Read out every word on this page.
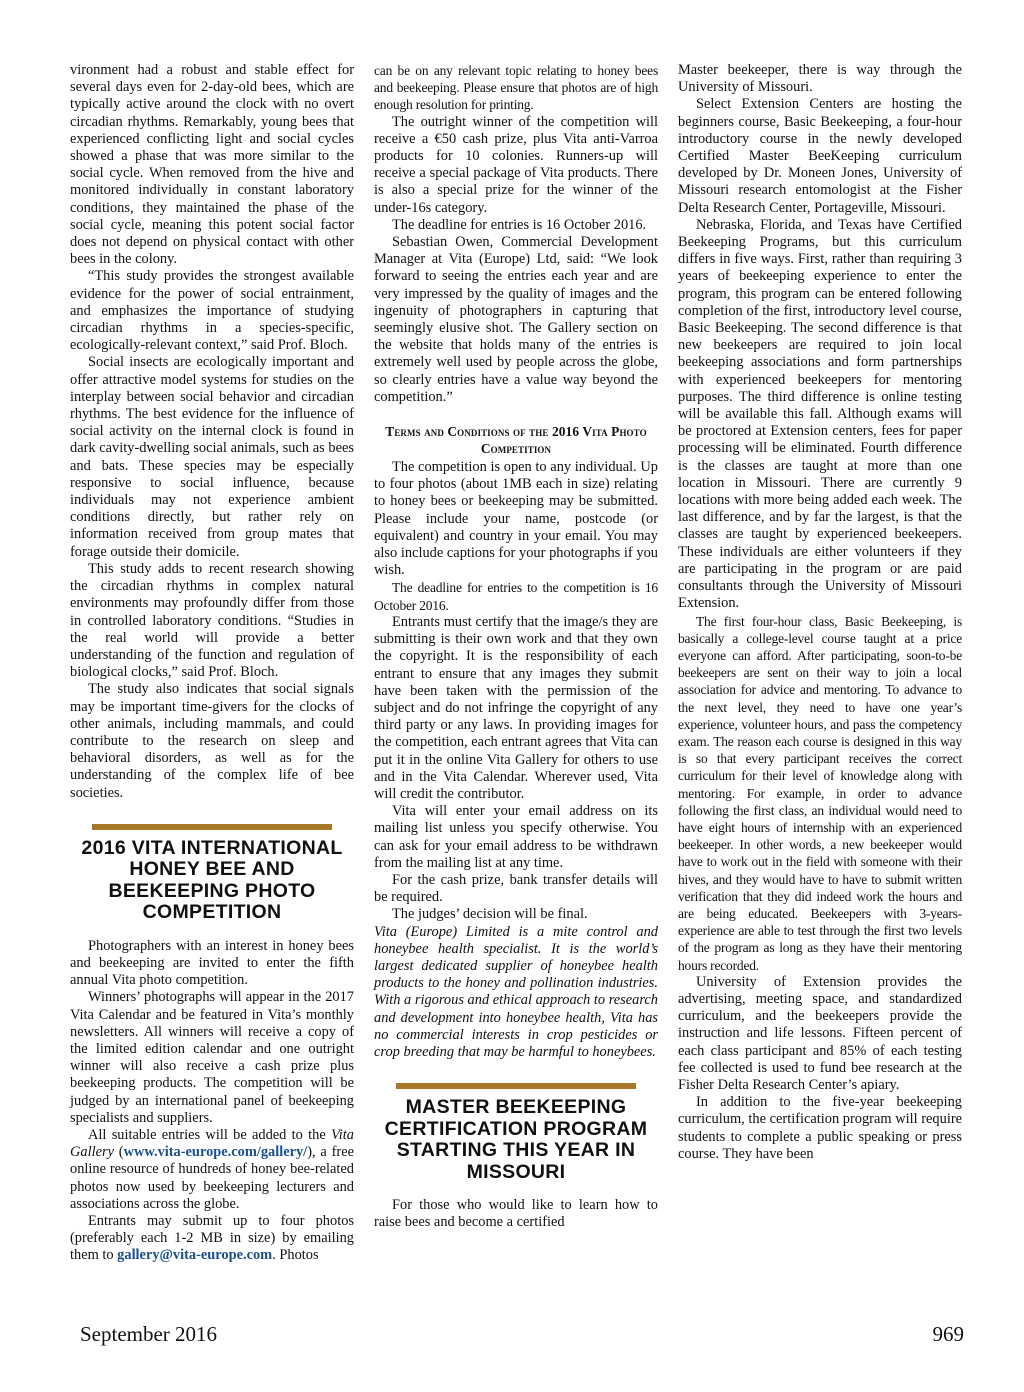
vironment had a robust and stable effect for several days even for 2-day-old bees, which are typically active around the clock with no overt circadian rhythms. Remarkably, young bees that experienced conflicting light and social cycles showed a phase that was more similar to the social cycle. When removed from the hive and monitored individually in constant laboratory conditions, they maintained the phase of the social cycle, meaning this potent social factor does not depend on physical contact with other bees in the colony.

“This study provides the strongest available evidence for the power of social entrainment, and emphasizes the importance of studying circadian rhythms in a species-specific, ecologically-relevant context,” said Prof. Bloch.

Social insects are ecologically important and offer attractive model systems for studies on the interplay between social behavior and circadian rhythms. The best evidence for the influence of social activity on the internal clock is found in dark cavity-dwelling social animals, such as bees and bats. These species may be especially responsive to social influence, because individuals may not experience ambient conditions directly, but rather rely on information received from group mates that forage outside their domicile.

This study adds to recent research showing the circadian rhythms in complex natural environments may profoundly differ from those in controlled laboratory conditions. “Studies in the real world will provide a better understanding of the function and regulation of biological clocks,” said Prof. Bloch.

The study also indicates that social signals may be important time-givers for the clocks of other animals, including mammals, and could contribute to the research on sleep and behavioral disorders, as well as for the understanding of the complex life of bee societies.

2016 VITA INTERNATIONAL HONEY BEE AND BEEKEEPING PHOTO COMPETITION

Photographers with an interest in honey bees and beekeeping are invited to enter the fifth annual Vita photo competition.

Winners’ photographs will appear in the 2017 Vita Calendar and be featured in Vita’s monthly newsletters. All winners will receive a copy of the limited edition calendar and one outright winner will also receive a cash prize plus beekeeping products. The competition will be judged by an international panel of beekeeping specialists and suppliers.

All suitable entries will be added to the Vita Gallery (www.vita-europe.com/gallery/), a free online resource of hundreds of honey bee-related photos now used by beekeeping lecturers and associations across the globe.

Entrants may submit up to four photos (preferably each 1-2 MB in size) by emailing them to gallery@vita-europe.com. Photos

can be on any relevant topic relating to honey bees and beekeeping. Please ensure that photos are of high enough resolution for printing.

The outright winner of the competition will receive a €50 cash prize, plus Vita anti-Varroa products for 10 colonies. Runners-up will receive a special package of Vita products. There is also a special prize for the winner of the under-16s category.

The deadline for entries is 16 October 2016.

Sebastian Owen, Commercial Development Manager at Vita (Europe) Ltd, said: “We look forward to seeing the entries each year and are very impressed by the quality of images and the ingenuity of photographers in capturing that seemingly elusive shot. The Gallery section on the website that holds many of the entries is extremely well used by people across the globe, so clearly entries have a value way beyond the competition.”

Terms and Conditions of the 2016 Vita Photo Competition

The competition is open to any individual. Up to four photos (about 1MB each in size) relating to honey bees or beekeeping may be submitted. Please include your name, postcode (or equivalent) and country in your email. You may also include captions for your photographs if you wish.

The deadline for entries to the competition is 16 October 2016.

Entrants must certify that the image/s they are submitting is their own work and that they own the copyright. It is the responsibility of each entrant to ensure that any images they submit have been taken with the permission of the subject and do not infringe the copyright of any third party or any laws. In providing images for the competition, each entrant agrees that Vita can put it in the online Vita Gallery for others to use and in the Vita Calendar. Wherever used, Vita will credit the contributor.

Vita will enter your email address on its mailing list unless you specify otherwise. You can ask for your email address to be withdrawn from the mailing list at any time.

For the cash prize, bank transfer details will be required.

The judges’ decision will be final.

Vita (Europe) Limited is a mite control and honeybee health specialist. It is the world’s largest dedicated supplier of honeybee health products to the honey and pollination industries. With a rigorous and ethical approach to research and development into honeybee health, Vita has no commercial interests in crop pesticides or crop breeding that may be harmful to honeybees.

MASTER BEEKEEPING CERTIFICATION PROGRAM STARTING THIS YEAR IN MISSOURI

For those who would like to learn how to raise bees and become a certified

Master beekeeper, there is way through the University of Missouri.

Select Extension Centers are hosting the beginners course, Basic Beekeeping, a four-hour introductory course in the newly developed Certified Master BeeKeeping curriculum developed by Dr. Moneen Jones, University of Missouri research entomologist at the Fisher Delta Research Center, Portageville, Missouri.

Nebraska, Florida, and Texas have Certified Beekeeping Programs, but this curriculum differs in five ways. First, rather than requiring 3 years of beekeeping experience to enter the program, this program can be entered following completion of the first, introductory level course, Basic Beekeeping. The second difference is that new beekeepers are required to join local beekeeping associations and form partnerships with experienced beekeepers for mentoring purposes. The third difference is online testing will be available this fall. Although exams will be proctored at Extension centers, fees for paper processing will be eliminated. Fourth difference is the classes are taught at more than one location in Missouri. There are currently 9 locations with more being added each week. The last difference, and by far the largest, is that the classes are taught by experienced beekeepers. These individuals are either volunteers if they are participating in the program or are paid consultants through the University of Missouri Extension.

The first four-hour class, Basic Beekeeping, is basically a college-level course taught at a price everyone can afford. After participating, soon-to-be beekeepers are sent on their way to join a local association for advice and mentoring. To advance to the next level, they need to have one year’s experience, volunteer hours, and pass the competency exam. The reason each course is designed in this way is so that every participant receives the correct curriculum for their level of knowledge along with mentoring. For example, in order to advance following the first class, an individual would need to have eight hours of internship with an experienced beekeeper. In other words, a new beekeeper would have to work out in the field with someone with their hives, and they would have to have to submit written verification that they did indeed work the hours and are being educated. Beekeepers with 3-years-experience are able to test through the first two levels of the program as long as they have their mentoring hours recorded.

University of Extension provides the advertising, meeting space, and standardized curriculum, and the beekeepers provide the instruction and life lessons. Fifteen percent of each class participant and 85% of each testing fee collected is used to fund bee research at the Fisher Delta Research Center’s apiary.

In addition to the five-year beekeeping curriculum, the certification program will require students to complete a public speaking or press course. They have been

September 2016	969
